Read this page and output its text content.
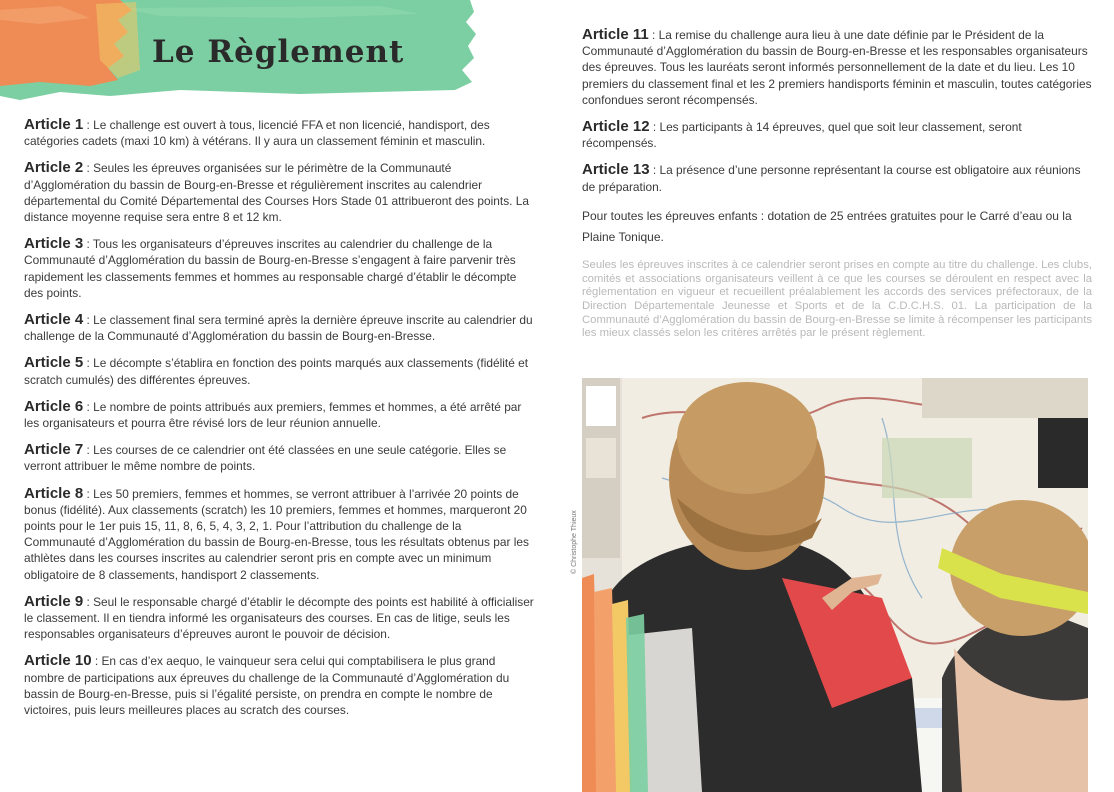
Le Règlement

Article 1 : Le challenge est ouvert à tous, licencié FFA et non licencié, handisport, des catégories cadets (maxi 10 km) à vétérans. Il y aura un classement féminin et masculin.

Article 2 : Seules les épreuves organisées sur le périmètre de la Communauté d’Agglomération du bassin de Bourg-en-Bresse et régulièrement inscrites au calendrier départemental du Comité Départemental des Courses Hors Stade 01 attribueront des points. La distance moyenne requise sera entre 8 et 12 km.

Article 3 : Tous les organisateurs d’épreuves inscrites au calendrier du challenge de la Communauté d’Agglomération du bassin de Bourg-en-Bresse s’engagent à faire parvenir très rapidement les classements femmes et hommes au responsable chargé d’établir le décompte des points.

Article 4 : Le classement final sera terminé après la dernière épreuve inscrite au calendrier du challenge de la Communauté d’Agglomération du bassin de Bourg-en-Bresse.

Article 5 : Le décompte s’établira en fonction des points marqués aux classements (fidélité et scratch cumulés) des différentes épreuves.

Article 6 : Le nombre de points attribués aux premiers, femmes et hommes, a été arrêté par les organisateurs et pourra être révisé lors de leur réunion annuelle.

Article 7 : Les courses de ce calendrier ont été classées en une seule catégorie. Elles se verront attribuer le même nombre de points.

Article 8 : Les 50 premiers, femmes et hommes, se verront attribuer à l’arrivée 20 points de bonus (fidélité). Aux classements (scratch) les 10 premiers, femmes et hommes, marqueront 20 points pour le 1er puis 15, 11, 8, 6, 5, 4, 3, 2, 1. Pour l’attribution du challenge de la Communauté d’Agglomération du bassin de Bourg-en-Bresse, tous les résultats obtenus par les athlètes dans les courses inscrites au calendrier seront pris en compte avec un minimum obligatoire de 8 classements, handisport 2 classements.

Article 9 : Seul le responsable chargé d’établir le décompte des points est habilité à officialiser le classement. Il en tiendra informé les organisateurs des courses. En cas de litige, seuls les responsables organisateurs d’épreuves auront le pouvoir de décision.

Article 10 : En cas d’ex aequo, le vainqueur sera celui qui comptabilisera le plus grand nombre de participations aux épreuves du challenge de la Communauté d’Agglomération du bassin de Bourg-en-Bresse, puis si l’égalité persiste, on prendra en compte le nombre de victoires, puis leurs meilleures places au scratch des courses.

Article 11 : La remise du challenge aura lieu à une date définie par le Président de la Communauté d’Agglomération du bassin de Bourg-en-Bresse et les responsables organisateurs des épreuves. Tous les lauréats seront informés personnellement de la date et du lieu. Les 10 premiers du classement final et les 2 premiers handisports féminin et masculin, toutes catégories confondues seront récompensés.

Article 12 : Les participants à 14 épreuves, quel que soit leur classement, seront récompensés.

Article 13 : La présence d’une personne représentant la course est obligatoire aux réunions de préparation.

Pour toutes les épreuves enfants : dotation de 25 entrées gratuites pour le Carré d’eau ou la Plaine Tonique.

Seules les épreuves inscrites à ce calendrier seront prises en compte au titre du challenge. Les clubs, comités et associations organisateurs veillent à ce que les courses se déroulent en respect avec la réglementation en vigueur et recueillent préalablement les accords des services préfectoraux, de la Direction Départementale Jeunesse et Sports et de la C.D.C.H.S. 01. La participation de la Communauté d’Agglomération du bassin de Bourg-en-Bresse se limite à récompenser les participants les mieux classés selon les critères arrêtés par le présent règlement.

© Christophe Thieux
